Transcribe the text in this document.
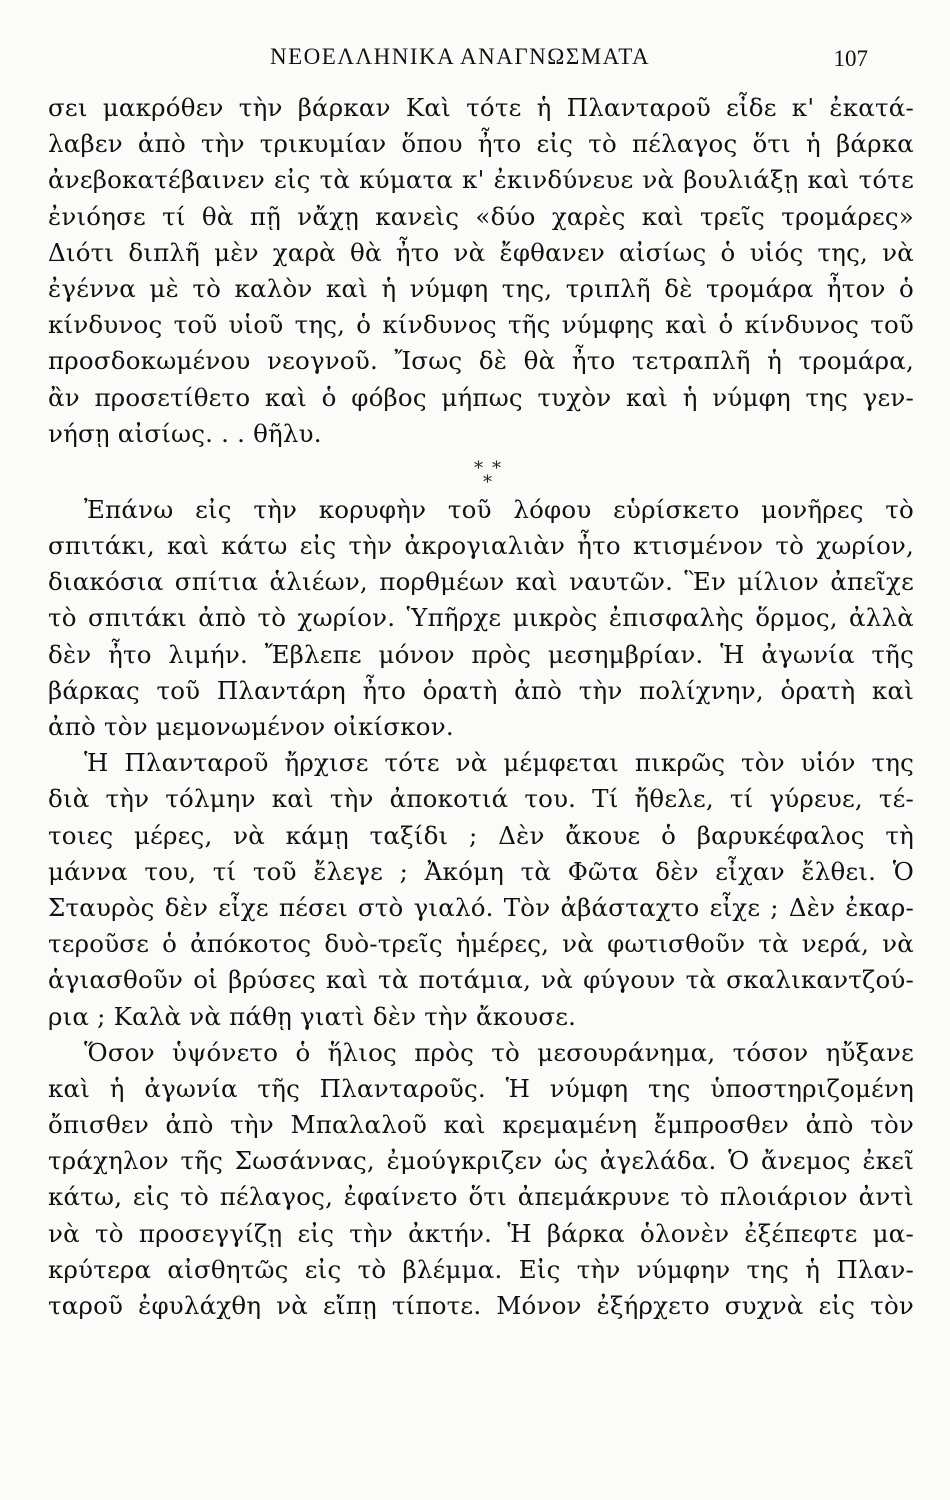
ΝΕΟΕΛΛΗΝΙΚΑ ΑΝΑΓΝΩΣΜΑΤΑ	107
σει μακρόθεν τὴν βάρκαν Καὶ τότε ἡ Πλανταροῦ εἶδε κ' ἐκατά-
λαβεν ἀπὸ τὴν τρικυμίαν ὅπου ἦτο εἰς τὸ πέλαγος ὅτι ἡ βάρκα
ἀνεβοκατέβαινεν εἰς τὰ κύματα κ' ἐκινδύνευε νὰ βουλιάξῃ καὶ τότε
ἐνιόησε τί θὰ πῇ νἄχῃ κανεὶς «δύο χαρὲς καὶ τρεῖς τρομάρες»
Διότι διπλῆ μὲν χαρὰ θὰ ἦτο νὰ ἔφθανεν αἰσίως ὁ υἱός της, νὰ
ἐγέννα μὲ τὸ καλὸν καὶ ἡ νύμφη της, τριπλῆ δὲ τρομάρα ἦτον ὁ
κίνδυνος τοῦ υἱοῦ της, ὁ κίνδυνος τῆς νύμφης καὶ ὁ κίνδυνος τοῦ
προσδοκωμένου νεογνοῦ. Ἴσως δὲ θὰ ἦτο τετραπλῆ ἡ τρομάρα,
ἂν προσετίθετο καὶ ὁ φόβος μήπως τυχὸν καὶ ἡ νύμφη της γεν-
νήσῃ αἰσίως. . . θῆλυ.
* *
*
Ἐπάνω εἰς τὴν κορυφὴν τοῦ λόφου εὑρίσκετο μονῆρες τὸ
σπιτάκι, καὶ κάτω εἰς τὴν ἀκρογιαλιὰν ἦτο κτισμένον τὸ χωρίον,
διακόσια σπίτια ἁλιέων, πορθμέων καὶ ναυτῶν. Ἓν μίλιον ἀπεῖχε
τὸ σπιτάκι ἀπὸ τὸ χωρίον. Ὑπῆρχε μικρὸς ἐπισφαλὴς ὅρμος, ἀλλὰ
δὲν ἦτο λιμήν. Ἔβλεπε μόνον πρὸς μεσημβρίαν. Ἡ ἀγωνία τῆς
βάρκας τοῦ Πλαντάρη ἦτο ὁρατὴ ἀπὸ τὴν πολίχνην, ὁρατὴ καὶ
ἀπὸ τὸν μεμονωμένον οἰκίσκον.
Ἡ Πλανταροῦ ἤρχισε τότε νὰ μέμφεται πικρῶς τὸν υἱόν της
διὰ τὴν τόλμην καὶ τὴν ἀποκοτιά του. Τί ἤθελε, τί γύρευε, τέ-
τοιες μέρες, νὰ κάμῃ ταξίδι ; Δὲν ἄκουε ὁ βαρυκέφαλος τὴ
μάννα του, τί τοῦ ἔλεγε ; Ἀκόμη τὰ Φῶτα δὲν εἶχαν ἔλθει. Ὁ
Σταυρὸς δὲν εἶχε πέσει στὸ γιαλό. Τὸν ἀβάσταχτο εἶχε ; Δὲν ἐκαρ-
τεροῦσε ὁ ἀπόκοτος δυὸ-τρεῖς ἡμέρες, νὰ φωτισθοῦν τὰ νερά, νὰ
ἁγιασθοῦν οἱ βρύσες καὶ τὰ ποτάμια, νὰ φύγουν τὰ σκαλικαντζού-
ρια ; Καλὰ νὰ πάθῃ γιατὶ δὲν τὴν ἄκουσε.
Ὅσον ὑψόνετο ὁ ἥλιος πρὸς τὸ μεσουράνημα, τόσον ηὔξανε
καὶ ἡ ἀγωνία τῆς Πλανταροῦς. Ἡ νύμφη της ὑποστηριζομένη
ὄπισθεν ἀπὸ τὴν Μπαλαλοῦ καὶ κρεμαμένη ἔμπροσθεν ἀπὸ τὸν
τράχηλον τῆς Σωσάννας, ἐμούγκριζεν ὡς ἀγελάδα. Ὁ ἄνεμος ἐκεῖ
κάτω, εἰς τὸ πέλαγος, ἐφαίνετο ὅτι ἀπεμάκρυνε τὸ πλοιάριον ἀντὶ
νὰ τὸ προσεγγίζῃ εἰς τὴν ἀκτήν. Ἡ βάρκα ὁλονὲν ἐξέπεφτε μα-
κρύτερα αἰσθητῶς εἰς τὸ βλέμμα. Εἰς τὴν νύμφην της ἡ Πλαν-
ταροῦ ἐφυλάχθη νὰ εἴπῃ τίποτε. Μόνον ἐξήρχετο συχνὰ εἰς τὸν
